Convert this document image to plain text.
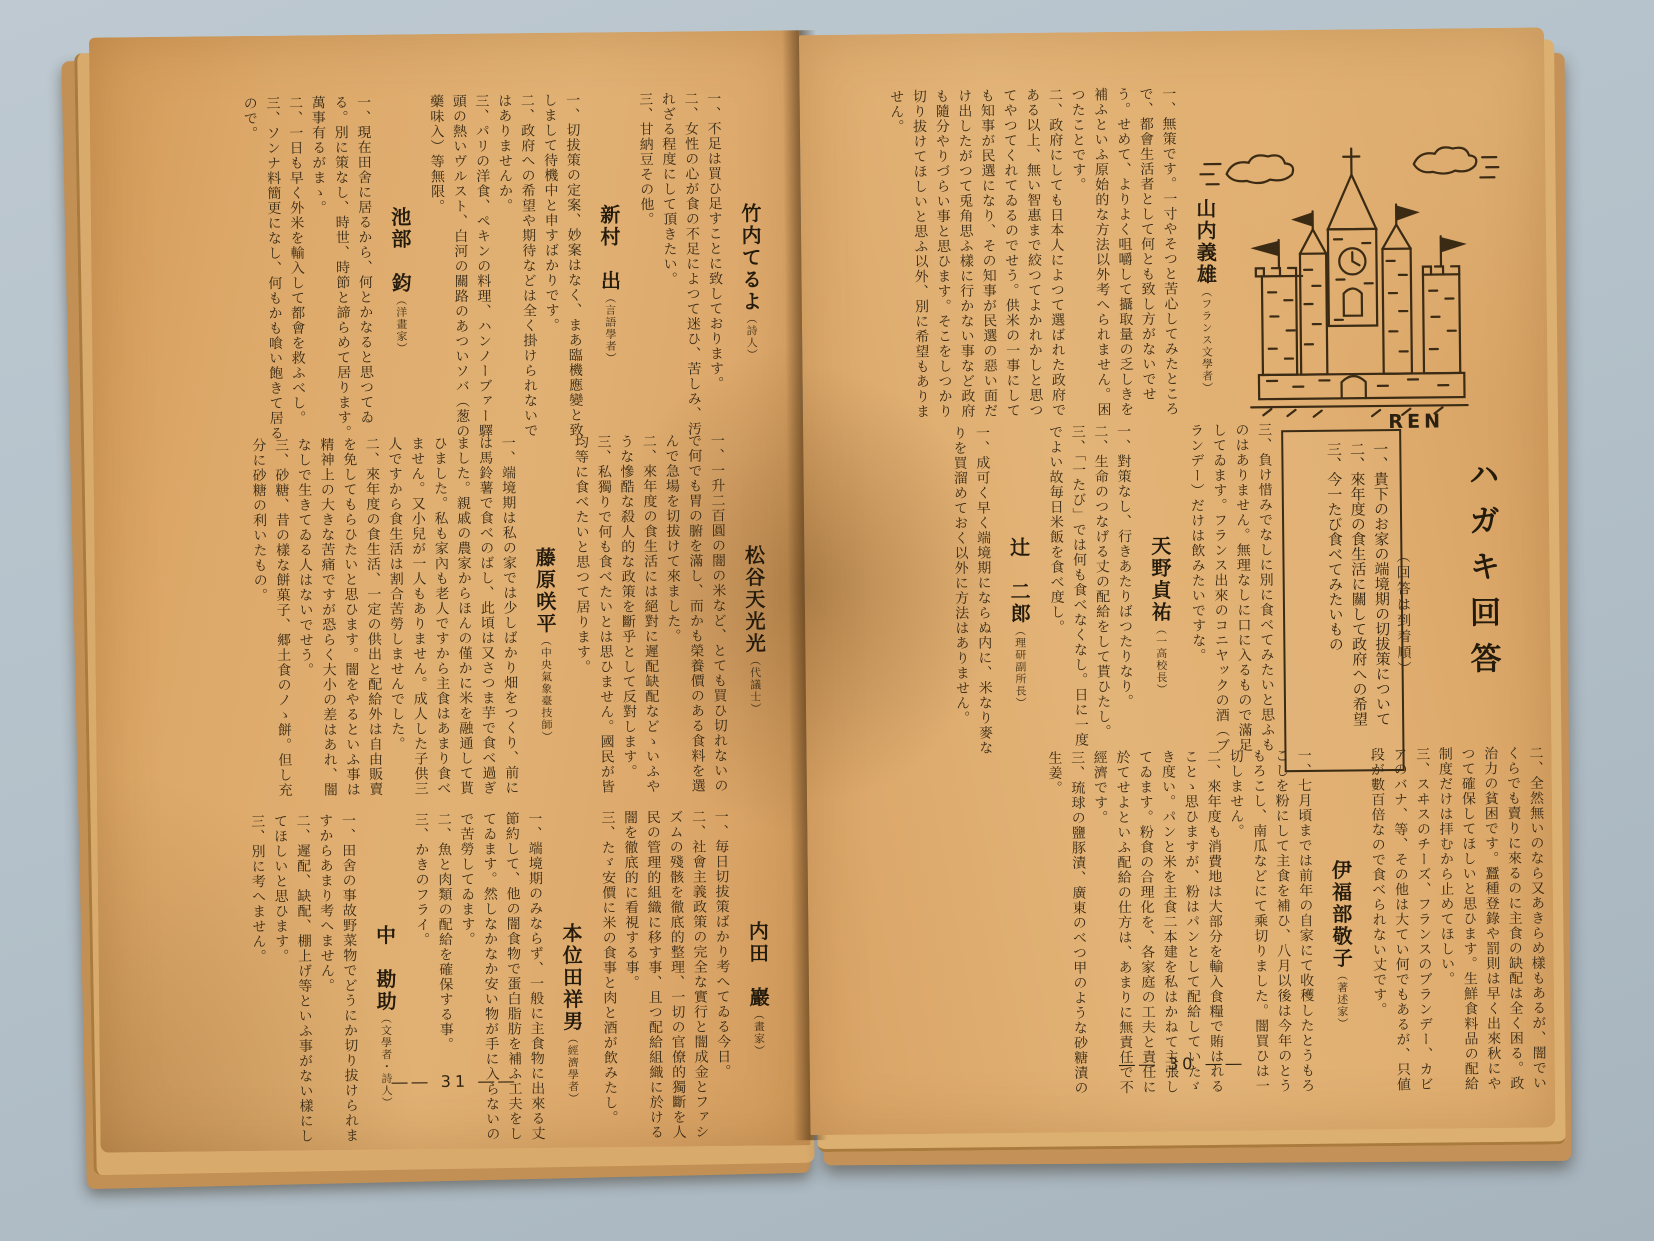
竹内てるよ（詩人）

一、不足は買ひ足すことに致しております。

二、女性の心が食の不足によつて迷ひ、苦しみ、汚れざる程度にして頂きたい。

三、甘納豆その他。

新村　出（言語學者）

一、切拔策の定案、妙案はなく、まあ臨機應變と致しまして待機中と申すばかりです。

二、政府への希望や期待などは全く掛けられないではありませんか。

三、パリの洋食、ペキンの料理、ハンノーブァー驛頭の熱いヴルスト、白河の關路のあついソバ（葱の藥味入）等無限。

池部　鈞（洋畫家）

一、現在田舍に居るから、何とかなると思つてゐる。別に策なし、時世、時節と諦らめて居ります。萬事有るがまゝ。

二、一日も早く外米を輸入して都會を救ふべし。

三、ソンナ料簡更になし、何もかも喰い飽きて居るので。

松谷天光光（代議士）

一、一升二百圓の闇の米など、とても買ひ切れないので何でも胃の腑を滿し、而かも榮養價のある食料を選んで急場を切拔けて來ました。

二、來年度の食生活には絕對に遲配缺配などゝいふやうな慘酷な殺人的な政策を斷乎として反對します。

三、私獨りで何も食べたいとは思ひません。國民が皆均等に食べたいと思つて居ります。

藤原咲平（中央氣象臺技師）

一、端境期は私の家では少しばかり畑をつくり、前には馬鈴薯で食べのばし、此頃は又さつま芋で食べ過ぎました。親戚の農家からほんの僅かに米を融通して貰ひました。私も家內も老人ですから主食はあまり食べません。又小兒が一人もありません。成人した子供三人ですから食生活は割合苦勞しませんでした。

二、來年度の食生活、一定の供出と配給外は自由販賣を免してもらひたいと思ひます。闇をやるといふ事は精神上の大きな苦痛ですが恐らく大小の差はあれ、闇なしで生きてゐる人はないでせう。

三、砂糖、昔の樣な餅菓子、郷土食のノゝ餅。但し充分に砂糖の利いたもの。

内田　巖（畫家）

一、毎日切拔策ばかり考へてゐる今日。

二、社會主義政策の完全な實行と闇成金とファシズムの殘骸を徹底的整理、一切の官僚的獨斷を人民の管理的組織に移す事、且つ配給組織に於ける闇を徹底的に看視する事。

三、たゞ安價に米の食事と肉と酒が飲みたし。

本位田祥男（經濟學者）

一、端境期のみならず、一般に主食物に出來る丈節約して、他の闇食物で蛋白脂肪を補ふ工夫をしてゐます。然しなかなか安い物が手に入らないので苦勞してゐます。

二、魚と肉類の配給を確保する事。

三、かきのフライ。

中　勘助（文學者・詩人）

一、田舍の事故野菜物でどうにか切り拔けられますからあまり考へません。

二、遲配、缺配、棚上げ等といふ事がない樣にしてほしいと思ひます。

三、別に考へません。

―― 31 ――
REN
ハガキ回答
（回答は到着順）

一、貴下のお家の端境期の切拔策について

二、來年度の食生活に關して政府への希望

三、今一たび食べてみたいもの

山内義雄（フランス文學者）

一、無策です。一寸やそつと苦心してみたところで、都會生活者として何とも致し方がないでせう。せめて、よりよく咀嚼して攝取量の乏しきを補ふといふ原始的な方法以外考へられません。困つたことです。

二、政府にしても日本人によつて選ばれた政府である以上、無い智惠まで絞つてよかれかしと思つてやつてくれてゐるのでせう。供米の一事にしても知事が民選になり、その知事が民選の惡い面だけ出したがつて兎角思ふ樣に行かない事など政府も隨分やりづらい事と思ひます。そこをしつかり切り拔けてほしいと思ふ以外、別に希望もありません。

三、負け惜みでなしに別に食べてみたいと思ふものはありません。無理なしに口に入るもので滿足してゐます。フランス出來のコニヤックの酒（ブランデー）だけは飲みたいですな。

天野貞祐（一高校長）

一、對策なし、行きあたりばつたりなり。

二、生命のつなげる丈の配給をして貰ひたし。

三、「一たび」では何も食べなくなし。日に一度でよい故毎日米飯を食べ度し。

辻　二郎（理研副所長）

一、成可く早く端境期にならぬ内に、米なり麥なりを買溜めておく以外に方法はありません。

二、全然無いのなら又あきらめ樣もあるが、闇でいくらでも賣りに來るのに主食の缺配は全く困る。政治力の貧困です。蠶種登錄や罰則は早く出來秋にやつて確保してほしいと思ひます。生鮮食料品の配給制度だけは拝むから止めてほしい。

三、スヰスのチーズ、フランスのブランデー、カビアのバナ、等、その他は大てい何でもあるが、只値段が數百倍なので食べられない丈です。

伊福部敬子（著述家）

一、七月頃までは前年の自家にて收穫したとうもろこしを粉にして主食を補ひ、八月以後は今年のとうもろこし、南瓜などにて乘切りました。闇買ひは一切しません。

二、來年度も消費地は大部分を輸入食糧で賄はれることゝ思ひますが、粉はパンとして配給していたゞき度い。パンと米を主食二本建を私はかねて主張してゐます。粉食の合理化を、各家庭の工夫と責任に於てせよといふ配給の仕方は、あまりに無責任で不經濟です。

三、琉球の鹽豚漬、廣東のべつ甲のような砂糖漬の生姜。

―― 30 ――
